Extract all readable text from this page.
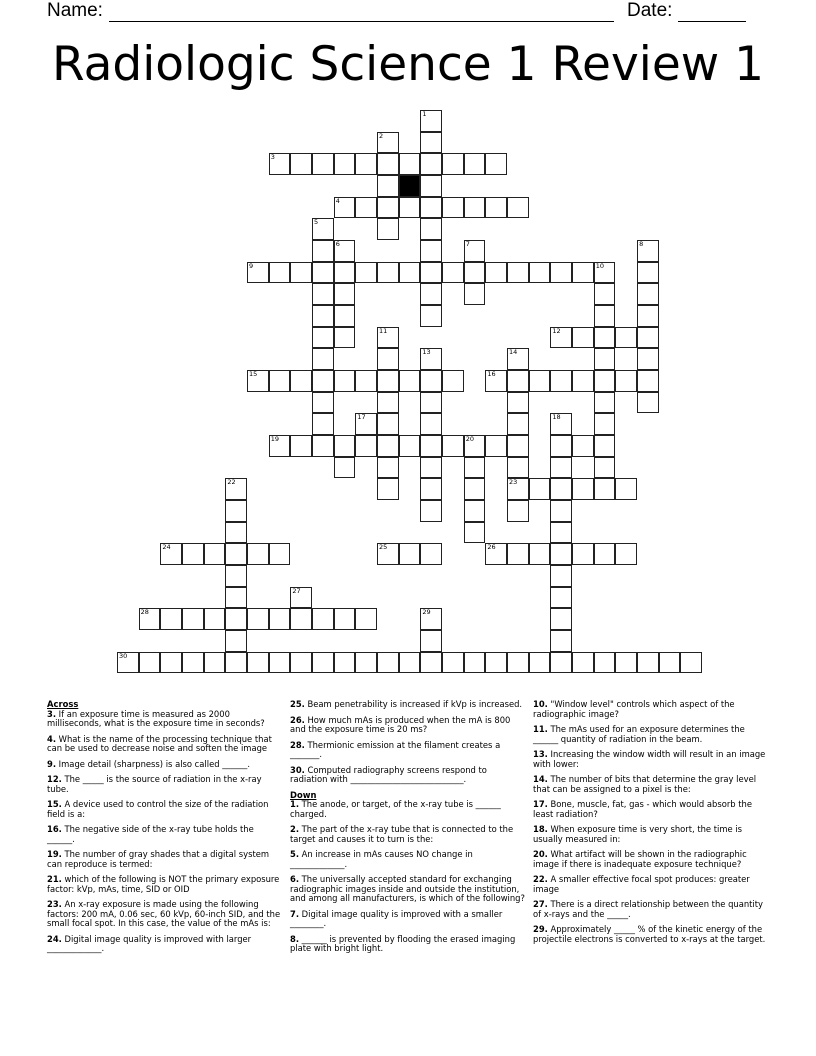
Name:	Date:
Radiologic Science 1 Review 1
1
2
3
4
5
6	7	8
9	10
11	12
13	14
15	16
17	18
19	20
22	23
24	25	26
27
28	29
30
Across
3. If an exposure time is measured as 2000 milliseconds, what is the exposure time in seconds?
4. What is the name of the processing technique that can be used to decrease noise and soften the image
9. Image detail (sharpness) is also called ______.
12. The _____ is the source of radiation in the x-ray tube.
15. A device used to control the size of the radiation field is a:
16. The negative side of the x-ray tube holds the ______.
19. The number of gray shades that a digital system can reproduce is termed:
21. which of the following is NOT the primary exposure factor: kVp, mAs, time, SID or OID
23. An x-ray exposure is made using the following factors: 200 mA, 0.06 sec, 60 kVp, 60-inch SID, and the small focal spot. In this case, the value of the mAs is:
24. Digital image quality is improved with larger _____________.
25. Beam penetrability is increased if kVp is increased.
26. How much mAs is produced when the mA is 800 and the exposure time is 20 ms?
28. Thermionic emission at the filament creates a _______.
30. Computed radiography screens respond to radiation with ___________________________.
Down
1. The anode, or target, of the x-ray tube is ______ charged.
2. The part of the x-ray tube that is connected to the target and causes it to turn is the:
5. An increase in mAs causes NO change in _____________.
6. The universally accepted standard for exchanging radiographic images inside and outside the institution, and among all manufacturers, is which of the following?
7. Digital image quality is improved with a smaller ________.
8. ______ is prevented by flooding the erased imaging plate with bright light.
10. "Window level" controls which aspect of the radiographic image?
11. The mAs used for an exposure determines the ______ quantity of radiation in the beam.
13. Increasing the window width will result in an image with lower:
14. The number of bits that determine the gray level that can be assigned to a pixel is the:
17. Bone, muscle, fat, gas - which would absorb the least radiation?
18. When exposure time is very short, the time is usually measured in:
20. What artifact will be shown in the radiographic image if there is inadequate exposure technique?
22. A smaller effective focal spot produces: greater image
27. There is a direct relationship between the quantity of x-rays and the _____.
29. Approximately _____ % of the kinetic energy of the projectile electrons is converted to x-rays at the target.
